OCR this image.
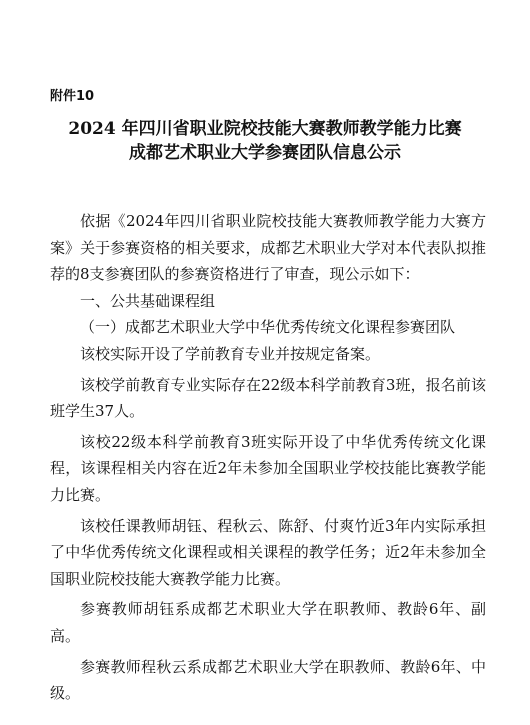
附件10
2024 年四川省职业院校技能大赛教师教学能力比赛
成都艺术职业大学参赛团队信息公示

依据《2024年四川省职业院校技能大赛教师教学能力大赛方案》关于参赛资格的相关要求，成都艺术职业大学对本代表队拟推荐的8支参赛团队的参赛资格进行了审查，现公示如下：

一、公共基础课程组

（一）成都艺术职业大学中华优秀传统文化课程参赛团队

该校实际开设了学前教育专业并按规定备案。

该校学前教育专业实际存在22级本科学前教育3班，报名前该班学生37人。

该校22级本科学前教育3班实际开设了中华优秀传统文化课程，该课程相关内容在近2年未参加全国职业学校技能比赛教学能力比赛。

该校任课教师胡钰、程秋云、陈舒、付爽竹近3年内实际承担了中华优秀传统文化课程或相关课程的教学任务；近2年未参加全国职业院校技能大赛教学能力比赛。

参赛教师胡钰系成都艺术职业大学在职教师、教龄6年、副高。

参赛教师程秋云系成都艺术职业大学在职教师、教龄6年、中级。
